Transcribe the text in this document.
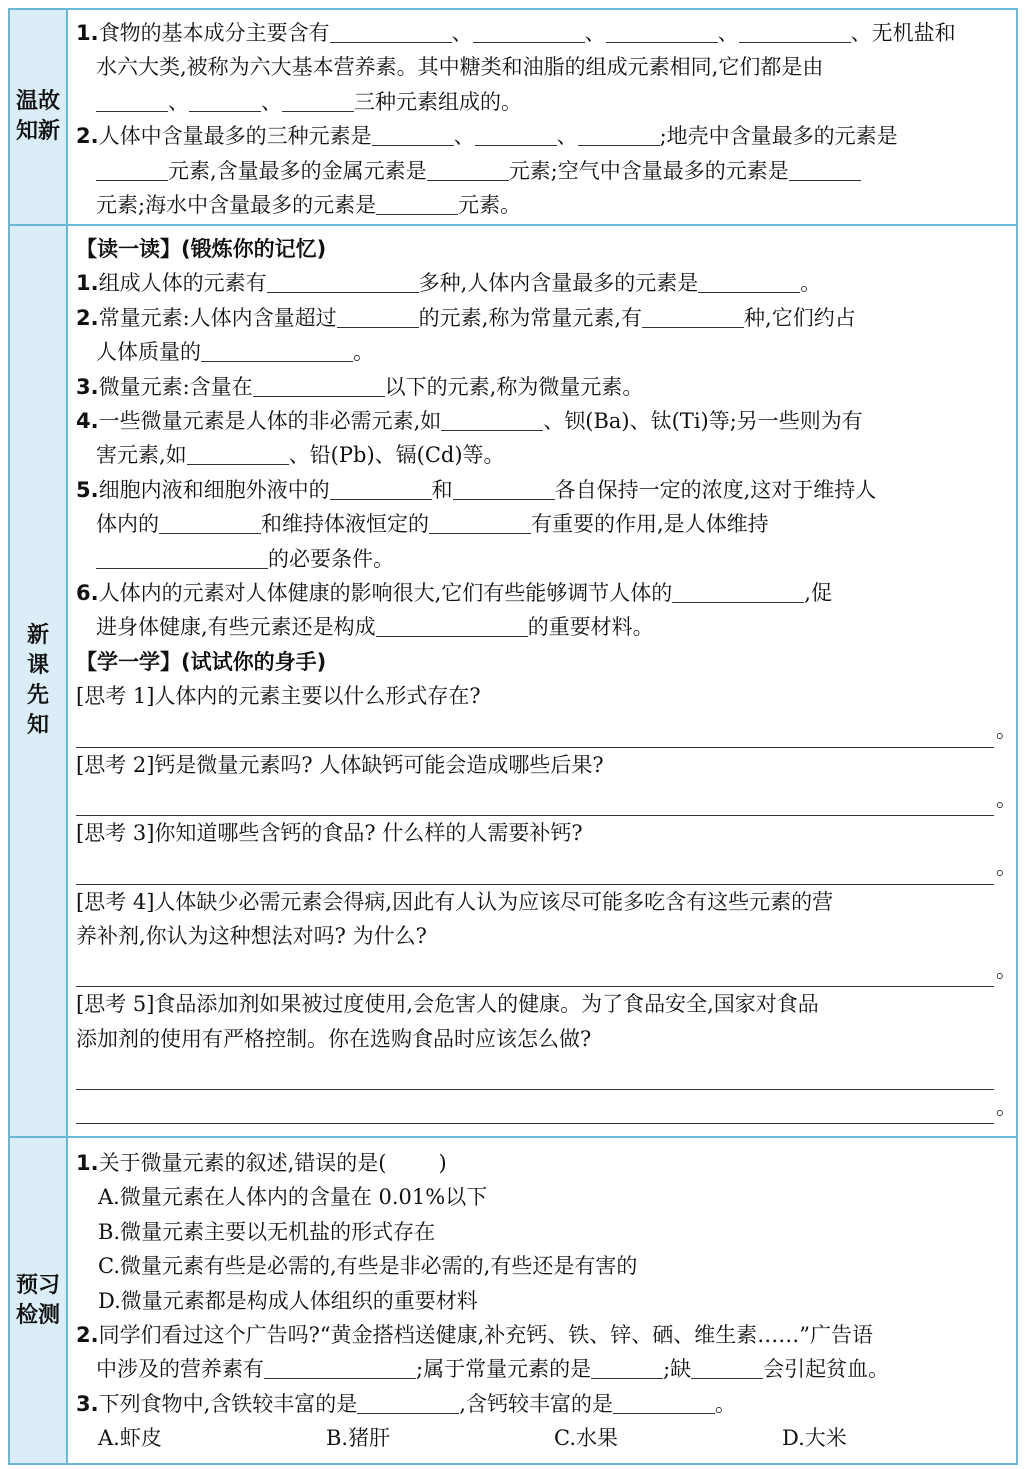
温故
知新
1.食物的基本成分主要含有	、	、	、	、无机盐和
水六大类,被称为六大基本营养素。其中糖类和油脂的组成元素相同,它们都是由
、	、	三种元素组成的。
2.人体中含量最多的三种元素是	、	、	;地壳中含量最多的元素是
元素,含量最多的金属元素是	元素;空气中含量最多的元素是
元素;海水中含量最多的元素是	元素。
新
课
先
知
【读一读】(锻炼你的记忆)
1.组成人体的元素有	多种,人体内含量最多的元素是	。
2.常量元素:人体内含量超过	的元素,称为常量元素,有	种,它们约占
人体质量的	。
3.微量元素:含量在	以下的元素,称为微量元素。
4.一些微量元素是人体的非必需元素,如	、钡(Ba)、钛(Ti)等;另一些则为有
害元素,如	、铅(Pb)、镉(Cd)等。
5.细胞内液和细胞外液中的	和	各自保持一定的浓度,这对于维持人
体内的	和维持体液恒定的	有重要的作用,是人体维持
的必要条件。
6.人体内的元素对人体健康的影响很大,它们有些能够调节人体的	,促
进身体健康,有些元素还是构成	的重要材料。
【学一学】(试试你的身手)
[思考 1]人体内的元素主要以什么形式存在?
。
[思考 2]钙是微量元素吗? 人体缺钙可能会造成哪些后果?
。
[思考 3]你知道哪些含钙的食品? 什么样的人需要补钙?
。
[思考 4]人体缺少必需元素会得病,因此有人认为应该尽可能多吃含有这些元素的营
养补剂,你认为这种想法对吗? 为什么?
。
[思考 5]食品添加剂如果被过度使用,会危害人的健康。为了食品安全,国家对食品
添加剂的使用有严格控制。你在选购食品时应该怎么做?
。
预习
检测
1.关于微量元素的叙述,错误的是( )
A.微量元素在人体内的含量在 0.01%以下
B.微量元素主要以无机盐的形式存在
C.微量元素有些是必需的,有些是非必需的,有些还是有害的
D.微量元素都是构成人体组织的重要材料
2.同学们看过这个广告吗?“黄金搭档送健康,补充钙、铁、锌、硒、维生素……”广告语
中涉及的营养素有	;属于常量元素的是	;缺	会引起贫血。
3.下列食物中,含铁较丰富的是	,含钙较丰富的是	。
A.虾皮	B.猪肝	C.水果	D.大米
